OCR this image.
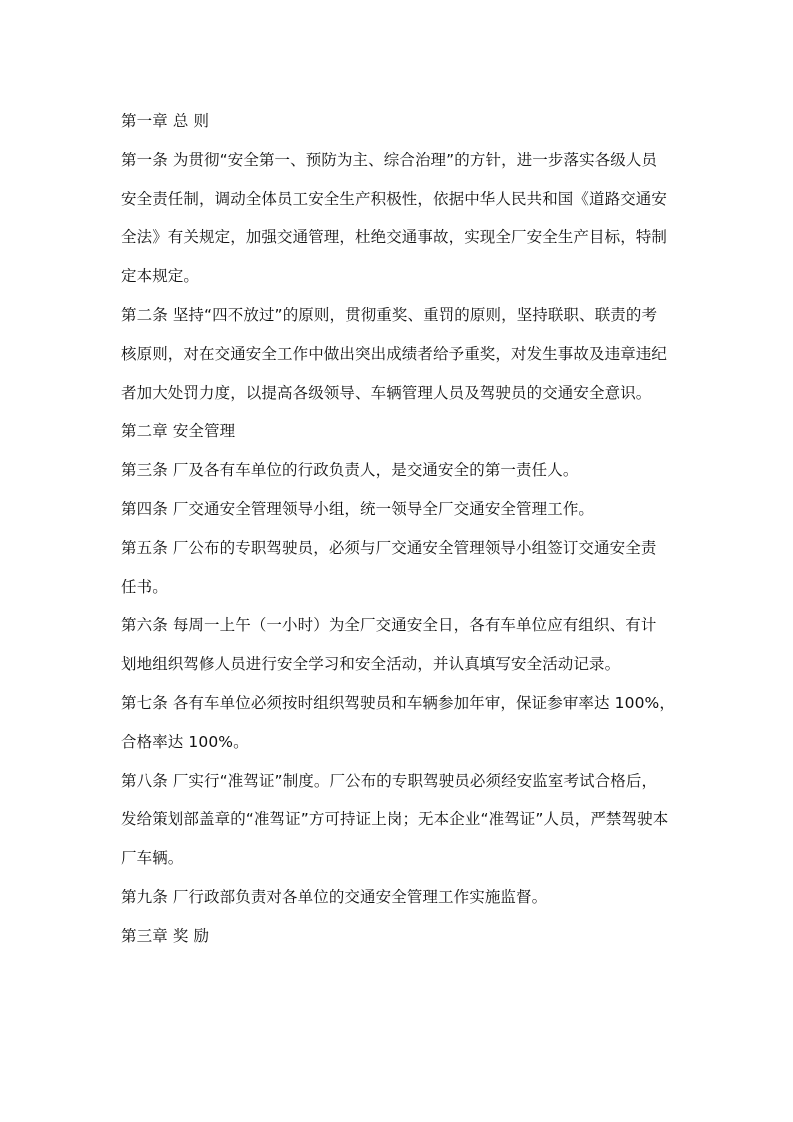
第一章 总 则
第一条 为贯彻“安全第一、预防为主、综合治理”的方针，进一步落实各级人员
安全责任制，调动全体员工安全生产积极性，依据中华人民共和国《道路交通安
全法》有关规定，加强交通管理，杜绝交通事故，实现全厂安全生产目标，特制
定本规定。
第二条 坚持“四不放过”的原则，贯彻重奖、重罚的原则，坚持联职、联责的考
核原则，对在交通安全工作中做出突出成绩者给予重奖，对发生事故及违章违纪
者加大处罚力度，以提高各级领导、车辆管理人员及驾驶员的交通安全意识。
第二章 安全管理
第三条 厂及各有车单位的行政负责人，是交通安全的第一责任人。
第四条 厂交通安全管理领导小组，统一领导全厂交通安全管理工作。
第五条 厂公布的专职驾驶员，必须与厂交通安全管理领导小组签订交通安全责
任书。
第六条 每周一上午（一小时）为全厂交通安全日，各有车单位应有组织、有计
划地组织驾修人员进行安全学习和安全活动，并认真填写安全活动记录。
第七条 各有车单位必须按时组织驾驶员和车辆参加年审，保证参审率达 100%，
合格率达 100%。
第八条 厂实行“准驾证”制度。厂公布的专职驾驶员必须经安监室考试合格后，
发给策划部盖章的“准驾证”方可持证上岗；无本企业“准驾证”人员，严禁驾驶本
厂车辆。
第九条 厂行政部负责对各单位的交通安全管理工作实施监督。
第三章 奖 励
